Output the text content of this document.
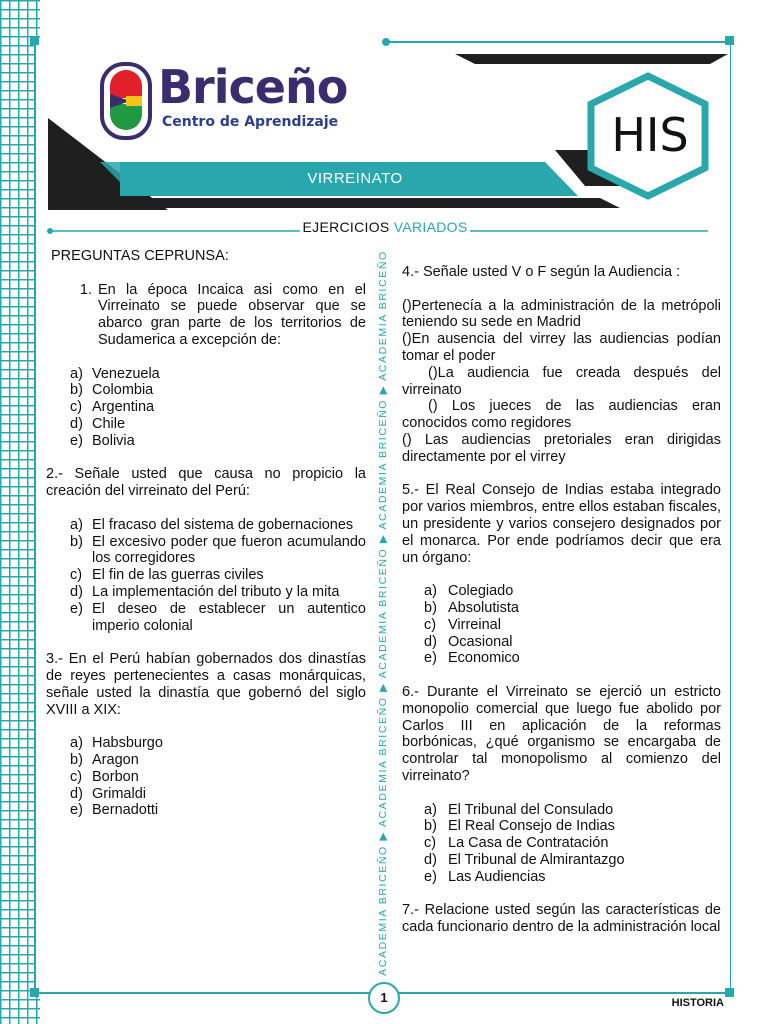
Briceño
Centro de Aprendizaje	HIS
VIRREINATO
EJERCICIOS VARIADOS

PREGUNTAS CEPRUNSA:

1. En la época Incaica asi como en el Virreinato se puede observar que se abarco gran parte de los territorios de Sudamerica a excepción de:
a) Venezuela
b) Colombia
c) Argentina
d) Chile
e) Bolivia

2.- Señale usted que causa no propicio la creación del virreinato del Perú:

a) El fracaso del sistema de gobernaciones
b) El excesivo poder que fueron acumulando los corregidores
c) El fin de las guerras civiles
d) La implementación del tributo y la mita
e) El deseo de establecer un autentico imperio colonial

3.- En el Perú habían gobernados dos dinastías de reyes pertenecientes a casas monárquicas, señale usted la dinastía que gobernó del siglo XVIII a XIX:

a) Habsburgo
b) Aragon
c) Borbon
d) Grimaldi
e) Bernadotti	ACADEMIA BRICEÑO ▶ ACADEMIA BRICEÑO ▶ ACADEMIA BRICEÑO ▶ ACADEMIA BRICEÑO ▶ ACADEMIA BRICEÑO 4.- Señale usted V o F según la Audiencia :

()Pertenecía a la administración de la metrópoli teniendo su sede en Madrid

()En ausencia del virrey las audiencias podían tomar el poder

()La audiencia fue creada después del virreinato

() Los jueces de las audiencias eran conocidos como regidores

() Las audiencias pretoriales eran dirigidas directamente por el virrey

5.- El Real Consejo de Indias estaba integrado por varios miembros, entre ellos estaban fiscales, un presidente y varios consejero designados por el monarca. Por ende podríamos decir que era un órgano:

a) Colegiado
b) Absolutista
c) Virreinal
d) Ocasional
e) Economico

6.- Durante el Virreinato se ejerció un estricto monopolio comercial que luego fue abolido por Carlos III en aplicación de la reformas borbónicas, ¿qué organismo se encargaba de controlar tal monopolismo al comienzo del virreinato?

a) El Tribunal del Consulado
b) El Real Consejo de Indias
c) La Casa de Contratación
d) El Tribunal de Almirantazgo
e) Las Audiencias

7.- Relacione usted según las características de cada funcionario dentro de la administración local

1	HISTORIA
